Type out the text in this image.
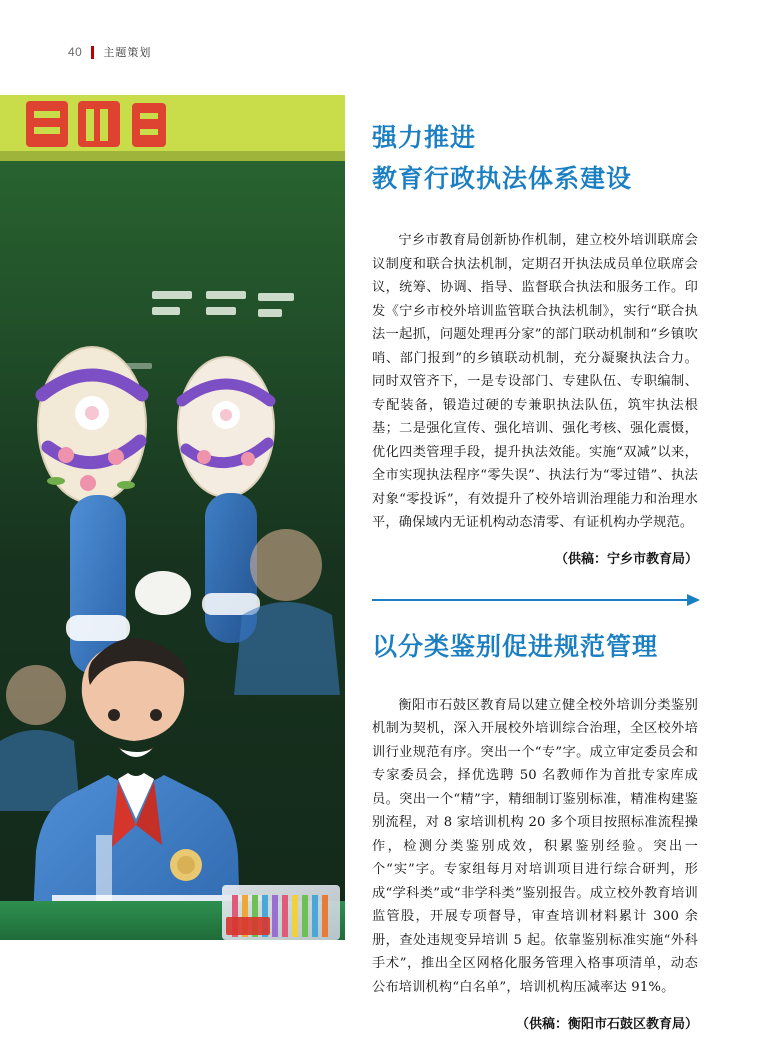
40 主题策划
强力推进
教育行政执法体系建设

宁乡市教育局创新协作机制，建立校外培训联席会议制度和联合执法机制，定期召开执法成员单位联席会议，统筹、协调、指导、监督联合执法和服务工作。印发《宁乡市校外培训监管联合执法机制》，实行“联合执法一起抓，问题处理再分家”的部门联动机制和“乡镇吹哨、部门报到”的乡镇联动机制，充分凝聚执法合力。同时双管齐下，一是专设部门、专建队伍、专职编制、专配装备，锻造过硬的专兼职执法队伍，筑牢执法根基；二是强化宣传、强化培训、强化考核、强化震慑，优化四类管理手段，提升执法效能。实施“双减”以来，全市实现执法程序“零失误”、执法行为“零过错”、执法对象“零投诉”，有效提升了校外培训治理能力和治理水平，确保域内无证机构动态清零、有证机构办学规范。

（供稿：宁乡市教育局）

以分类鉴别促进规范管理

衡阳市石鼓区教育局以建立健全校外培训分类鉴别机制为契机，深入开展校外培训综合治理，全区校外培训行业规范有序。突出一个“专”字。成立审定委员会和专家委员会，择优选聘 50 名教师作为首批专家库成员。突出一个“精”字，精细制订鉴别标准，精准构建鉴别流程，对 8 家培训机构 20 多个项目按照标准流程操作，检测分类鉴别成效，积累鉴别经验。突出一个“实”字。专家组每月对培训项目进行综合研判，形成“学科类”或“非学科类”鉴别报告。成立校外教育培训监管股，开展专项督导，审查培训材料累计 300 余册，查处违规变异培训 5 起。依靠鉴别标准实施“外科手术”，推出全区网格化服务管理入格事项清单，动态公布培训机构“白名单”，培训机构压减率达 91%。

（供稿：衡阳市石鼓区教育局）
